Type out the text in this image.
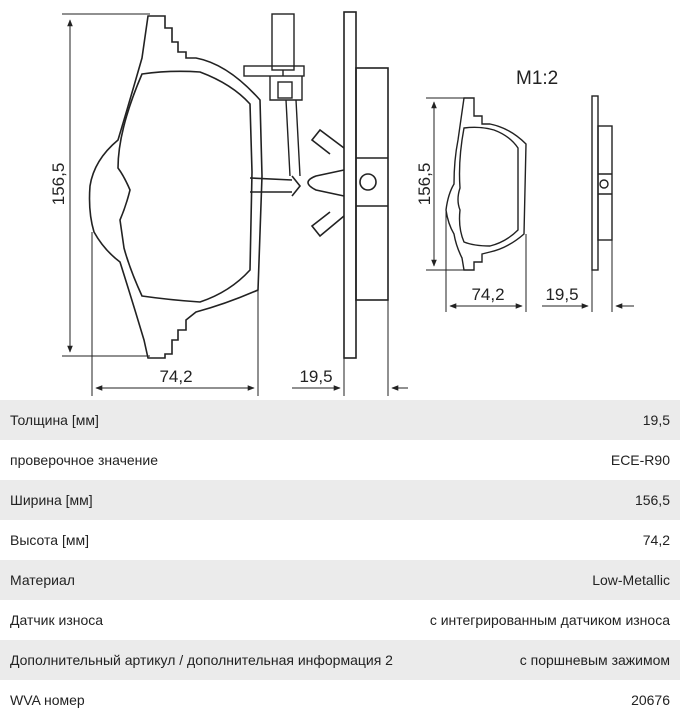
156,5
74,2	19,5
M1:2
156,5
74,2 19,5
Толщина [мм]	19,5
проверочное значение	ECE-R90
Ширина [мм]	156,5
Высота [мм]	74,2
Материал	Low-Metallic
Датчик износа	с интегрированным датчиком износа
Дополнительный артикул / дополнительная информация 2	с поршневым зажимом
WVA номер	20676
